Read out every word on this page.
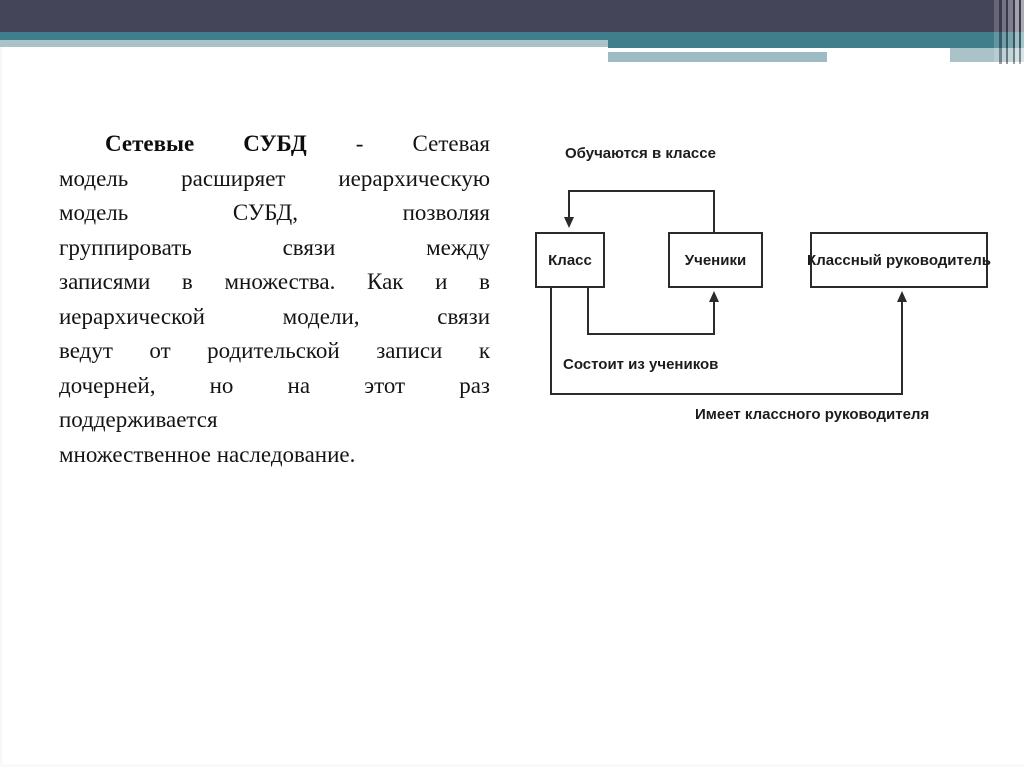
Сетевые СУБД - Сетевая
модель расширяет иерархическую
модель СУБД, позволяя
группировать связи между
записями в множества. Как и в
иерархической модели, связи
ведут от родительской записи к
дочерней, но на этот раз
поддерживается
множественное наследование.
Обучаются в классе
Класс	Ученики	Классный руководитель
Состоит из учеников
Имеет классного руководителя
